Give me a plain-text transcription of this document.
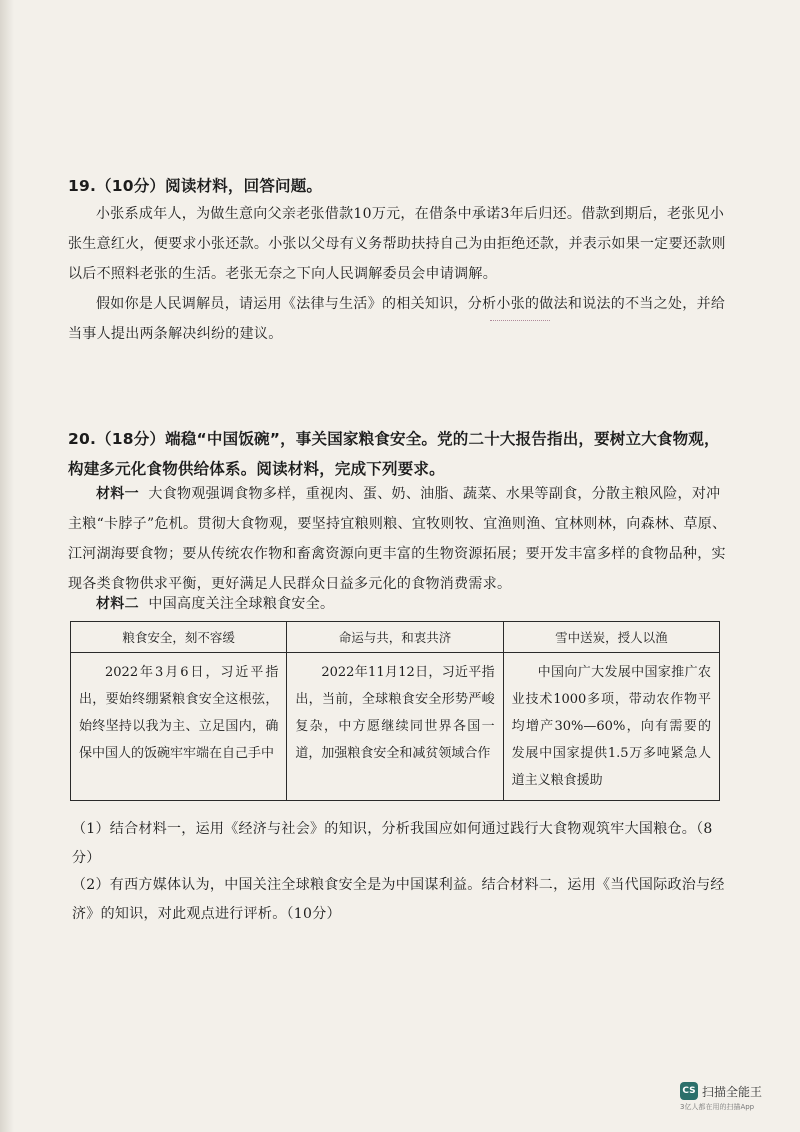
19.（10分）阅读材料，回答问题。

小张系成年人，为做生意向父亲老张借款10万元，在借条中承诺3年后归还。借款到期后，老张见小张生意红火，便要求小张还款。小张以父母有义务帮助扶持自己为由拒绝还款，并表示如果一定要还款则以后不照料老张的生活。老张无奈之下向人民调解委员会申请调解。

假如你是人民调解员，请运用《法律与生活》的相关知识，分析小张的做法和说法的不当之处，并给当事人提出两条解决纠纷的建议。

20.（18分）端稳“中国饭碗”，事关国家粮食安全。党的二十大报告指出，要树立大食物观，构建多元化食物供给体系。阅读材料，完成下列要求。

材料一 大食物观强调食物多样，重视肉、蛋、奶、油脂、蔬菜、水果等副食，分散主粮风险，对冲主粮“卡脖子”危机。贯彻大食物观，要坚持宜粮则粮、宜牧则牧、宜渔则渔、宜林则林，向森林、草原、江河湖海要食物；要从传统农作物和畜禽资源向更丰富的生物资源拓展；要开发丰富多样的食物品种，实现各类食物供求平衡，更好满足人民群众日益多元化的食物消费需求。

材料二 中国高度关注全球粮食安全。

粮食安全，刻不容缓	命运与共，和衷共济	雪中送炭，授人以渔

2022年3月6日，习近平指出，要始终绷紧粮食安全这根弦，始终坚持以我为主、立足国内，确保中国人的饭碗牢牢端在自己手中	2022年11月12日，习近平指出，当前，全球粮食安全形势严峻复杂，中方愿继续同世界各国一道，加强粮食安全和减贫领域合作	中国向广大发展中国家推广农业技术1000多项，带动农作物平均增产30%—60%，向有需要的发展中国家提供1.5万多吨紧急人道主义粮食援助

（1）结合材料一，运用《经济与社会》的知识，分析我国应如何通过践行大食物观筑牢大国粮仓。（8分）

（2）有西方媒体认为，中国关注全球粮食安全是为中国谋利益。结合材料二，运用《当代国际政治与经济》的知识，对此观点进行评析。（10分）

CS 扫描全能王
3亿人都在用的扫描App
